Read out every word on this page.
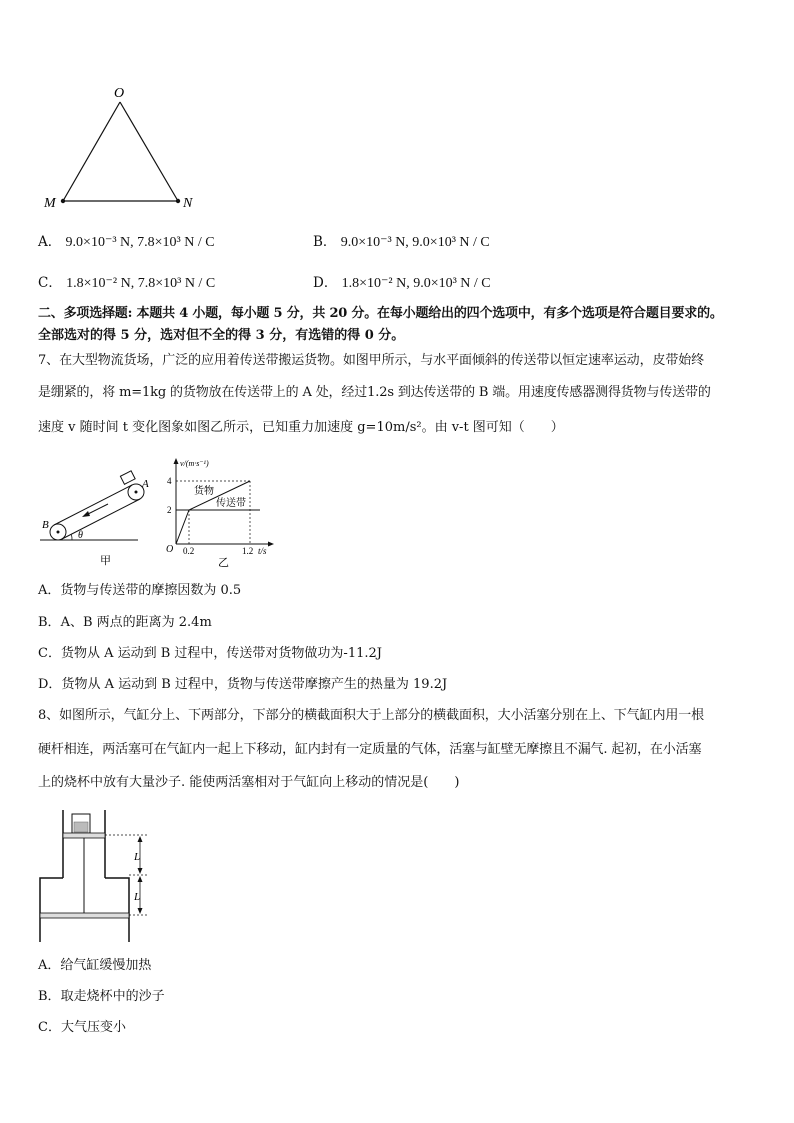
O
M	N
A． 9.0×10⁻³ N, 7.8×10³ N / C	B． 9.0×10⁻³ N, 9.0×10³ N / C
C． 1.8×10⁻² N, 7.8×10³ N / C	D． 1.8×10⁻² N, 9.0×10³ N / C
二、多项选择题: 本题共 4 小题，每小题 5 分，共 20 分。在每小题给出的四个选项中，有多个选项是符合题目要求的。
全部选对的得 5 分，选对但不全的得 3 分，有选错的得 0 分。
7、在大型物流货场，广泛的应用着传送带搬运货物。如图甲所示，与水平面倾斜的传送带以恒定速率运动，皮带始终
是绷紧的，将 m=1kg 的货物放在传送带上的 A 处，经过1.2s 到达传送带的 B 端。用速度传感器测得货物与传送带的
速度 v 随时间 t 变化图象如图乙所示，已知重力加速度 g=10m/s²。由 v-t 图可知（　　）
A
B
θ
甲
v/(m·s⁻¹)
t/s
O
4
2
0.2	1.2
货物
传送带
乙
A．货物与传送带的摩擦因数为 0.5
B．A、B 两点的距离为 2.4m
C．货物从 A 运动到 B 过程中，传送带对货物做功为-11.2J
D．货物从 A 运动到 B 过程中，货物与传送带摩擦产生的热量为 19.2J
8、如图所示，气缸分上、下两部分，下部分的横截面积大于上部分的横截面积，大小活塞分别在上、下气缸内用一根
硬杆相连，两活塞可在气缸内一起上下移动，缸内封有一定质量的气体，活塞与缸壁无摩擦且不漏气. 起初，在小活塞
上的烧杯中放有大量沙子. 能使两活塞相对于气缸向上移动的情况是(　　)
L
L
A．给气缸缓慢加热
B．取走烧杯中的沙子
C．大气压变小
